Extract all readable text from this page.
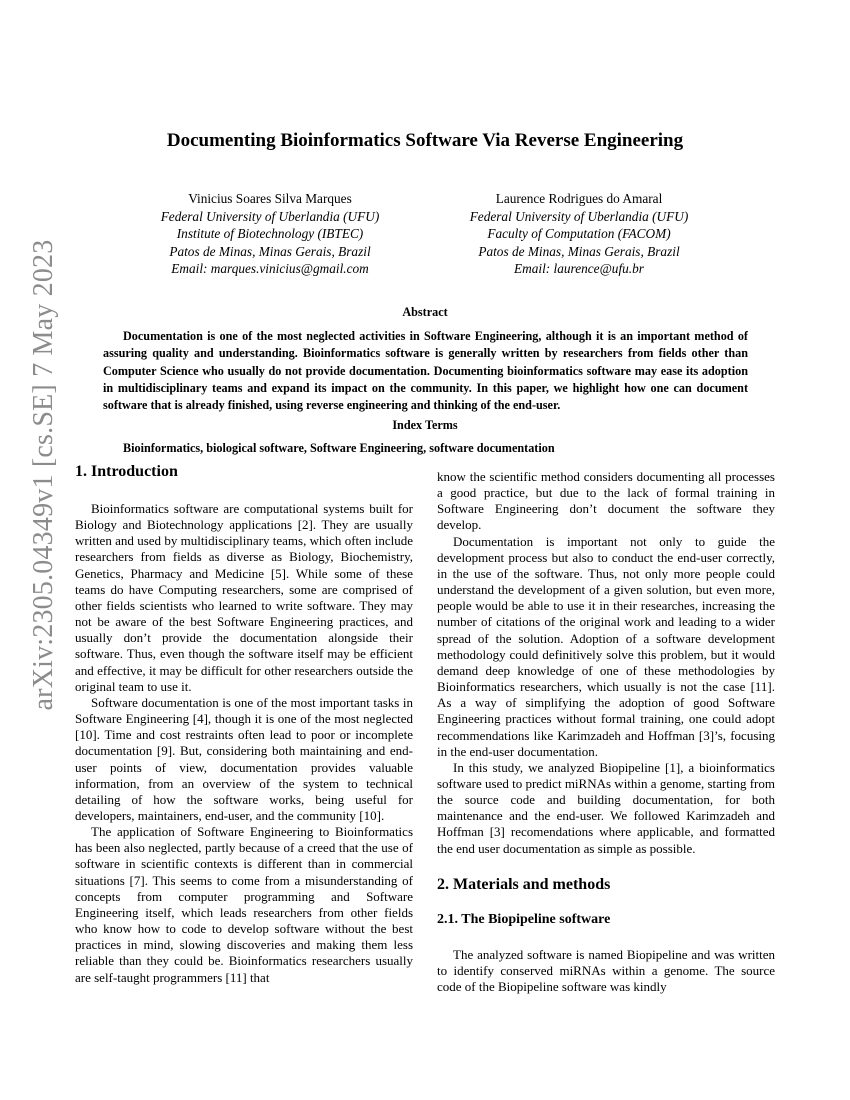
arXiv:2305.04349v1 [cs.SE] 7 May 2023
Documenting Bioinformatics Software Via Reverse Engineering
Vinicius Soares Silva Marques
Federal University of Uberlandia (UFU)
Institute of Biotechnology (IBTEC)
Patos de Minas, Minas Gerais, Brazil
Email: marques.vinicius@gmail.com
Laurence Rodrigues do Amaral
Federal University of Uberlandia (UFU)
Faculty of Computation (FACOM)
Patos de Minas, Minas Gerais, Brazil
Email: laurence@ufu.br
Abstract

Documentation is one of the most neglected activities in Software Engineering, although it is an important method of assuring quality and understanding. Bioinformatics software is generally written by researchers from fields other than Computer Science who usually do not provide documentation. Documenting bioinformatics software may ease its adoption in multidisciplinary teams and expand its impact on the community. In this paper, we highlight how one can document software that is already finished, using reverse engineering and thinking of the end-user.

Index Terms
Bioinformatics, biological software, Software Engineering, software documentation
1. Introduction

Bioinformatics software are computational systems built for Biology and Biotechnology applications [2]. They are usually written and used by multidisciplinary teams, which often include researchers from fields as diverse as Biology, Biochemistry, Genetics, Pharmacy and Medicine [5]. While some of these teams do have Computing researchers, some are comprised of other fields scientists who learned to write software. They may not be aware of the best Software Engineering practices, and usually don’t provide the documentation alongside their software. Thus, even though the software itself may be efficient and effective, it may be difficult for other researchers outside the original team to use it.

Software documentation is one of the most important tasks in Software Engineering [4], though it is one of the most neglected [10]. Time and cost restraints often lead to poor or incomplete documentation [9]. But, considering both maintaining and end-user points of view, documentation provides valuable information, from an overview of the system to technical detailing of how the software works, being useful for developers, maintainers, end-user, and the community [10].

The application of Software Engineering to Bioinformatics has been also neglected, partly because of a creed that the use of software in scientific contexts is different than in commercial situations [7]. This seems to come from a misunderstanding of concepts from computer programming and Software Engineering itself, which leads researchers from other fields who know how to code to develop software without the best practices in mind, slowing discoveries and making them less reliable than they could be. Bioinformatics researchers usually are self-taught programmers [11] that

know the scientific method considers documenting all processes a good practice, but due to the lack of formal training in Software Engineering don’t document the software they develop.

Documentation is important not only to guide the development process but also to conduct the end-user correctly, in the use of the software. Thus, not only more people could understand the development of a given solution, but even more, people would be able to use it in their researches, increasing the number of citations of the original work and leading to a wider spread of the solution. Adoption of a software development methodology could definitively solve this problem, but it would demand deep knowledge of one of these methodologies by Bioinformatics researchers, which usually is not the case [11]. As a way of simplifying the adoption of good Software Engineering practices without formal training, one could adopt recommendations like Karimzadeh and Hoffman [3]’s, focusing in the end-user documentation.

In this study, we analyzed Biopipeline [1], a bioinformatics software used to predict miRNAs within a genome, starting from the source code and building documentation, for both maintenance and the end-user. We followed Karimzadeh and Hoffman [3] recomendations where applicable, and formatted the end user documentation as simple as possible.

2. Materials and methods
2.1. The Biopipeline software

The analyzed software is named Biopipeline and was written to identify conserved miRNAs within a genome. The source code of the Biopipeline software was kindly
